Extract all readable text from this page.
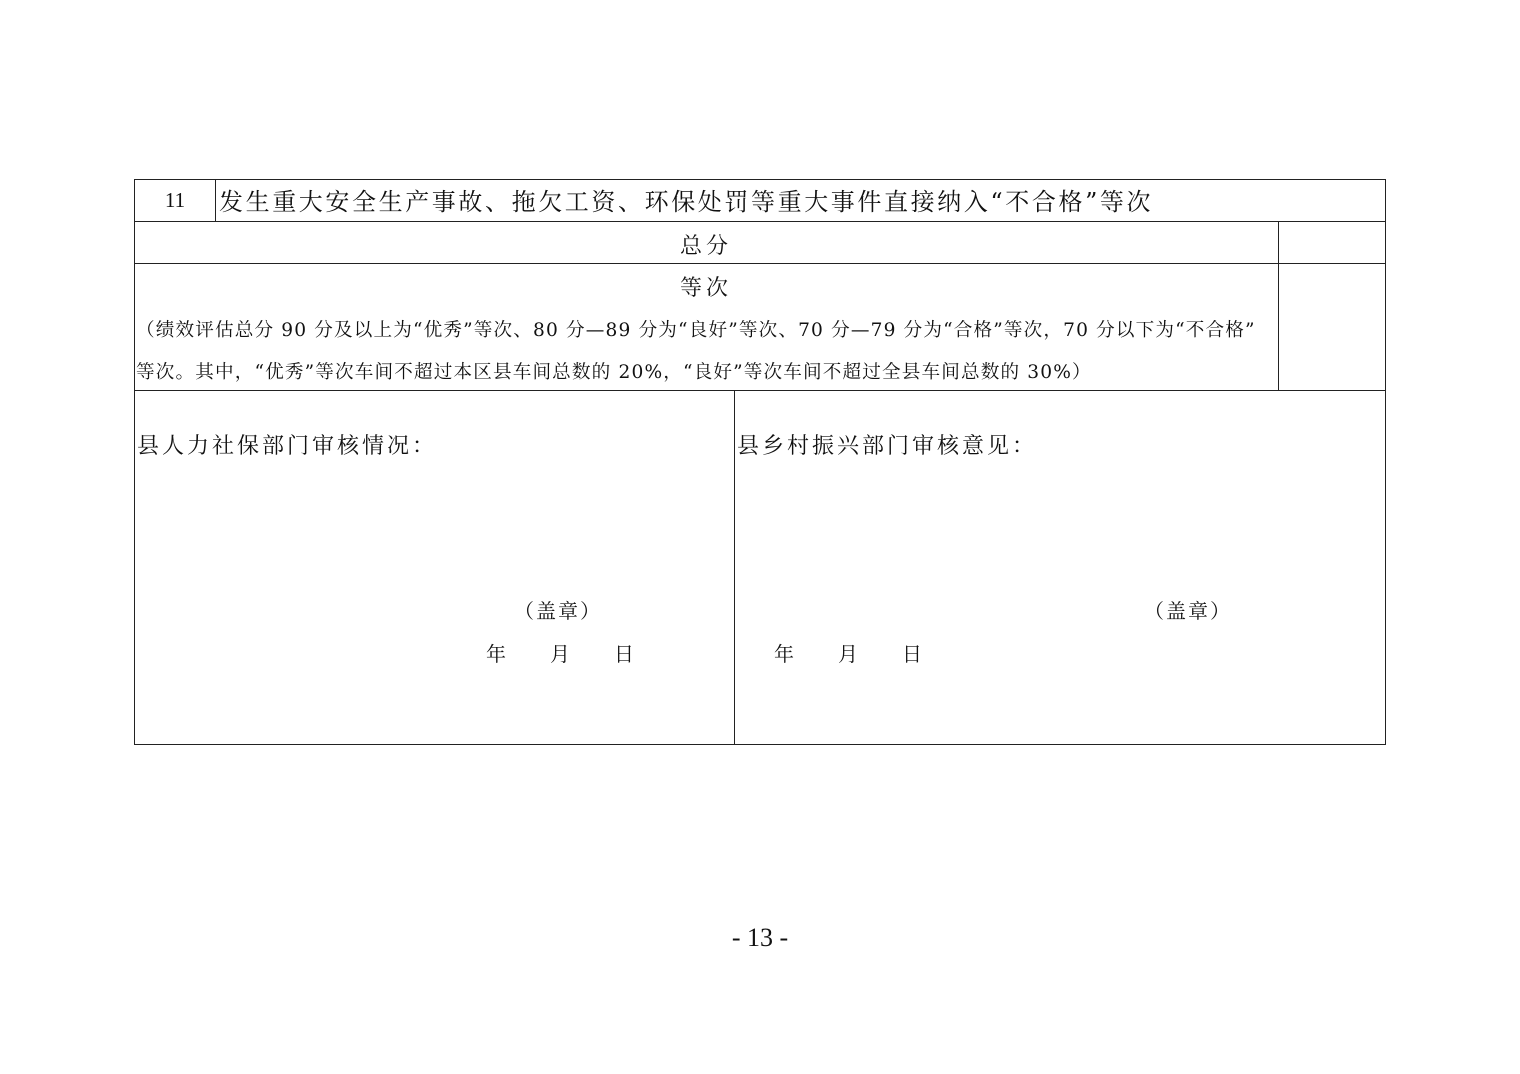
11	发生重大安全生产事故、拖欠工资、环保处罚等重大事件直接纳入“不合格”等次
总分
等次
（绩效评估总分 90 分及以上为“优秀”等次、80 分—89 分为“良好”等次、70 分—79 分为“合格”等次，70 分以下为“不合格”
等次。其中，“优秀”等次车间不超过本区县车间总数的 20%，“良好”等次车间不超过全县车间总数的 30%）
县人力社保部门审核情况：
（盖章）
年 月 日
县乡村振兴部门审核意见：
（盖章）
年 月 日
- 13 -
